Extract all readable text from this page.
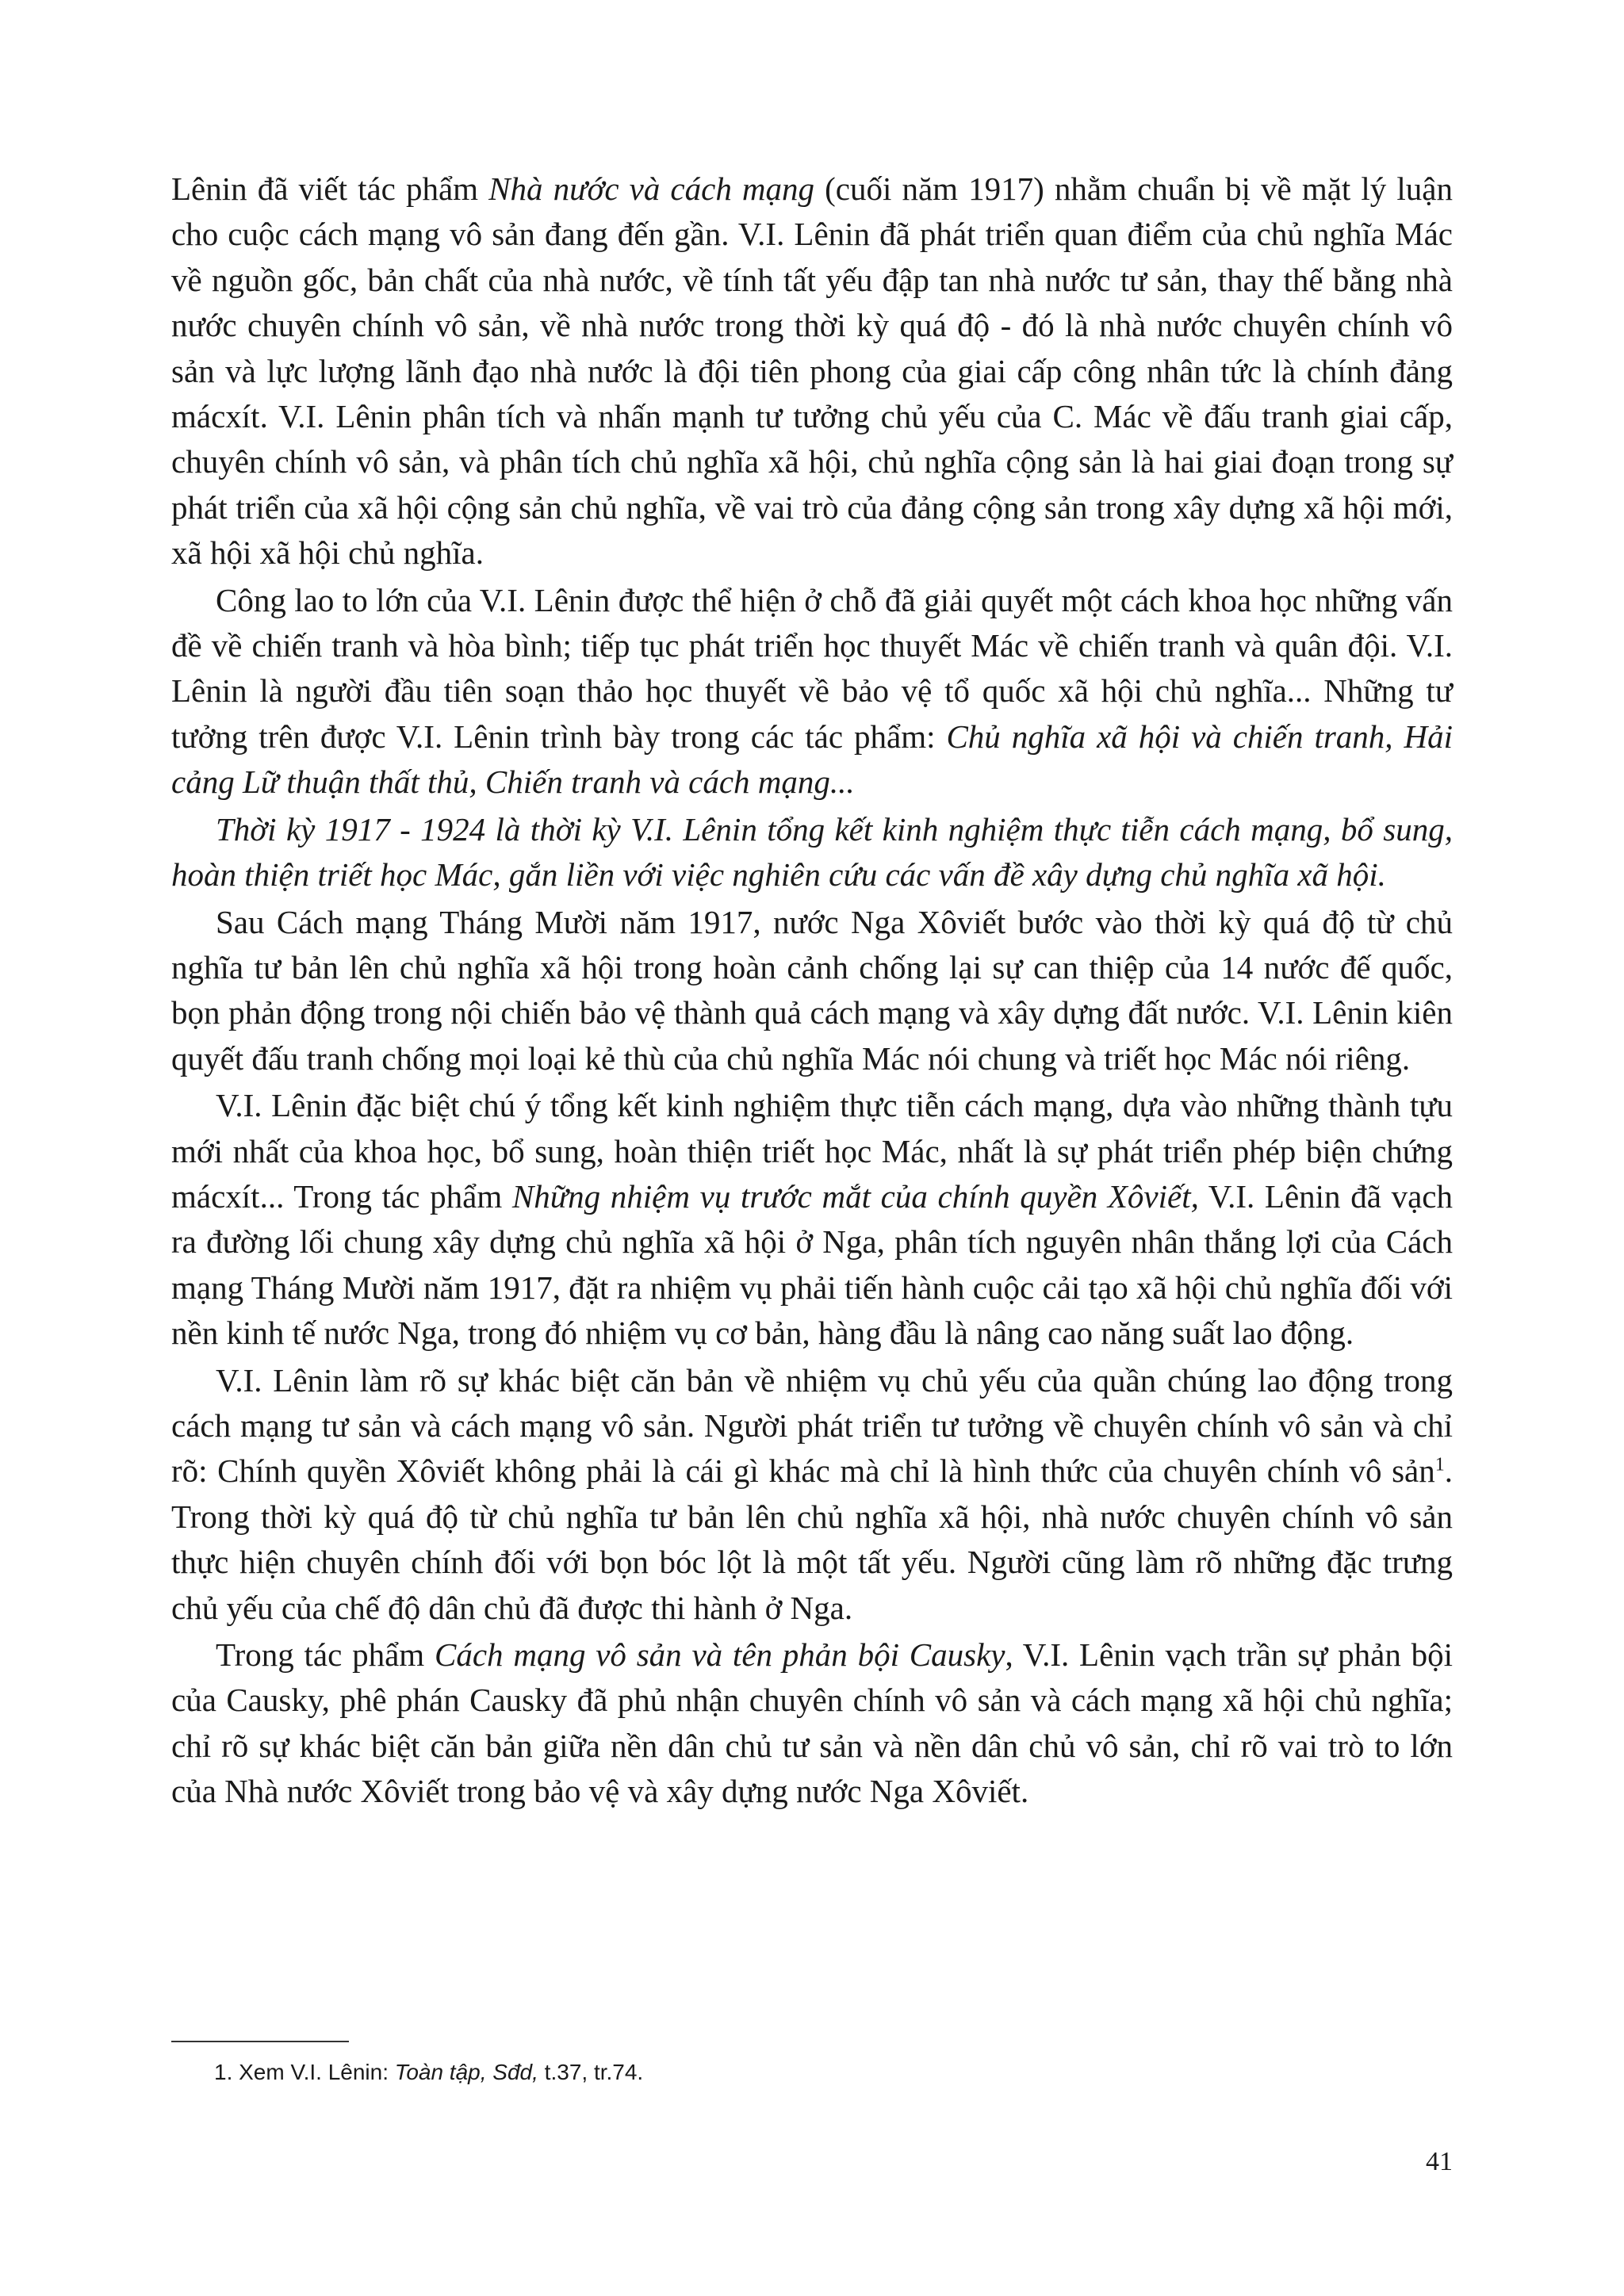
Lênin đã viết tác phẩm Nhà nước và cách mạng (cuối năm 1917) nhằm chuẩn bị về mặt lý luận cho cuộc cách mạng vô sản đang đến gần. V.I. Lênin đã phát triển quan điểm của chủ nghĩa Mác về nguồn gốc, bản chất của nhà nước, về tính tất yếu đập tan nhà nước tư sản, thay thế bằng nhà nước chuyên chính vô sản, về nhà nước trong thời kỳ quá độ - đó là nhà nước chuyên chính vô sản và lực lượng lãnh đạo nhà nước là đội tiên phong của giai cấp công nhân tức là chính đảng mácxít. V.I. Lênin phân tích và nhấn mạnh tư tưởng chủ yếu của C. Mác về đấu tranh giai cấp, chuyên chính vô sản, và phân tích chủ nghĩa xã hội, chủ nghĩa cộng sản là hai giai đoạn trong sự phát triển của xã hội cộng sản chủ nghĩa, về vai trò của đảng cộng sản trong xây dựng xã hội mới, xã hội xã hội chủ nghĩa.

Công lao to lớn của V.I. Lênin được thể hiện ở chỗ đã giải quyết một cách khoa học những vấn đề về chiến tranh và hòa bình; tiếp tục phát triển học thuyết Mác về chiến tranh và quân đội. V.I. Lênin là người đầu tiên soạn thảo học thuyết về bảo vệ tổ quốc xã hội chủ nghĩa... Những tư tưởng trên được V.I. Lênin trình bày trong các tác phẩm: Chủ nghĩa xã hội và chiến tranh, Hải cảng Lữ thuận thất thủ, Chiến tranh và cách mạng...

Thời kỳ 1917 - 1924 là thời kỳ V.I. Lênin tổng kết kinh nghiệm thực tiễn cách mạng, bổ sung, hoàn thiện triết học Mác, gắn liền với việc nghiên cứu các vấn đề xây dựng chủ nghĩa xã hội.

Sau Cách mạng Tháng Mười năm 1917, nước Nga Xôviết bước vào thời kỳ quá độ từ chủ nghĩa tư bản lên chủ nghĩa xã hội trong hoàn cảnh chống lại sự can thiệp của 14 nước đế quốc, bọn phản động trong nội chiến bảo vệ thành quả cách mạng và xây dựng đất nước. V.I. Lênin kiên quyết đấu tranh chống mọi loại kẻ thù của chủ nghĩa Mác nói chung và triết học Mác nói riêng.

V.I. Lênin đặc biệt chú ý tổng kết kinh nghiệm thực tiễn cách mạng, dựa vào những thành tựu mới nhất của khoa học, bổ sung, hoàn thiện triết học Mác, nhất là sự phát triển phép biện chứng mácxít... Trong tác phẩm Những nhiệm vụ trước mắt của chính quyền Xôviết, V.I. Lênin đã vạch ra đường lối chung xây dựng chủ nghĩa xã hội ở Nga, phân tích nguyên nhân thắng lợi của Cách mạng Tháng Mười năm 1917, đặt ra nhiệm vụ phải tiến hành cuộc cải tạo xã hội chủ nghĩa đối với nền kinh tế nước Nga, trong đó nhiệm vụ cơ bản, hàng đầu là nâng cao năng suất lao động.

V.I. Lênin làm rõ sự khác biệt căn bản về nhiệm vụ chủ yếu của quần chúng lao động trong cách mạng tư sản và cách mạng vô sản. Người phát triển tư tưởng về chuyên chính vô sản và chỉ rõ: Chính quyền Xôviết không phải là cái gì khác mà chỉ là hình thức của chuyên chính vô sản$^1$. Trong thời kỳ quá độ từ chủ nghĩa tư bản lên chủ nghĩa xã hội, nhà nước chuyên chính vô sản thực hiện chuyên chính đối với bọn bóc lột là một tất yếu. Người cũng làm rõ những đặc trưng chủ yếu của chế độ dân chủ đã được thi hành ở Nga.

Trong tác phẩm Cách mạng vô sản và tên phản bội Causky, V.I. Lênin vạch trần sự phản bội của Causky, phê phán Causky đã phủ nhận chuyên chính vô sản và cách mạng xã hội chủ nghĩa; chỉ rõ sự khác biệt căn bản giữa nền dân chủ tư sản và nền dân chủ vô sản, chỉ rõ vai trò to lớn của Nhà nước Xôviết trong bảo vệ và xây dựng nước Nga Xôviết.

1. Xem V.I. Lênin: Toàn tập, Sđd, t.37, tr.74.
41
